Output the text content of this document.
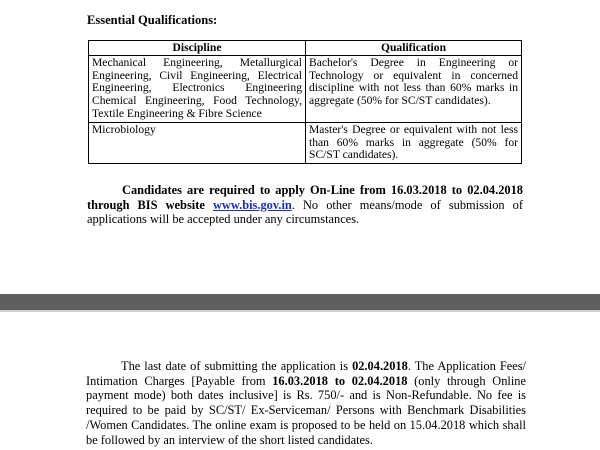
Essential Qualifications:
Discipline	Qualification
Mechanical Engineering, Metallurgical Engineering, Civil Engineering, Electrical Engineering, Electronics Engineering Chemical Engineering, Food Technology, Textile Engineering & Fibre Science	Bachelor's Degree in Engineering or Technology or equivalent in concerned discipline with not less than 60% marks in aggregate (50% for SC/ST candidates).
Microbiology	Master's Degree or equivalent with not less than 60% marks in aggregate (50% for SC/ST candidates).
Candidates are required to apply On-Line from 16.03.2018 to 02.04.2018 through BIS website www.bis.gov.in. No other means/mode of submission of applications will be accepted under any circumstances.
The last date of submitting the application is 02.04.2018. The Application Fees/ Intimation Charges [Payable from 16.03.2018 to 02.04.2018 (only through Online payment mode) both dates inclusive] is Rs. 750/- and is Non-Refundable. No fee is required to be paid by SC/ST/ Ex-Serviceman/ Persons with Benchmark Disabilities /Women Candidates. The online exam is proposed to be held on 15.04.2018 which shall be followed by an interview of the short listed candidates.
